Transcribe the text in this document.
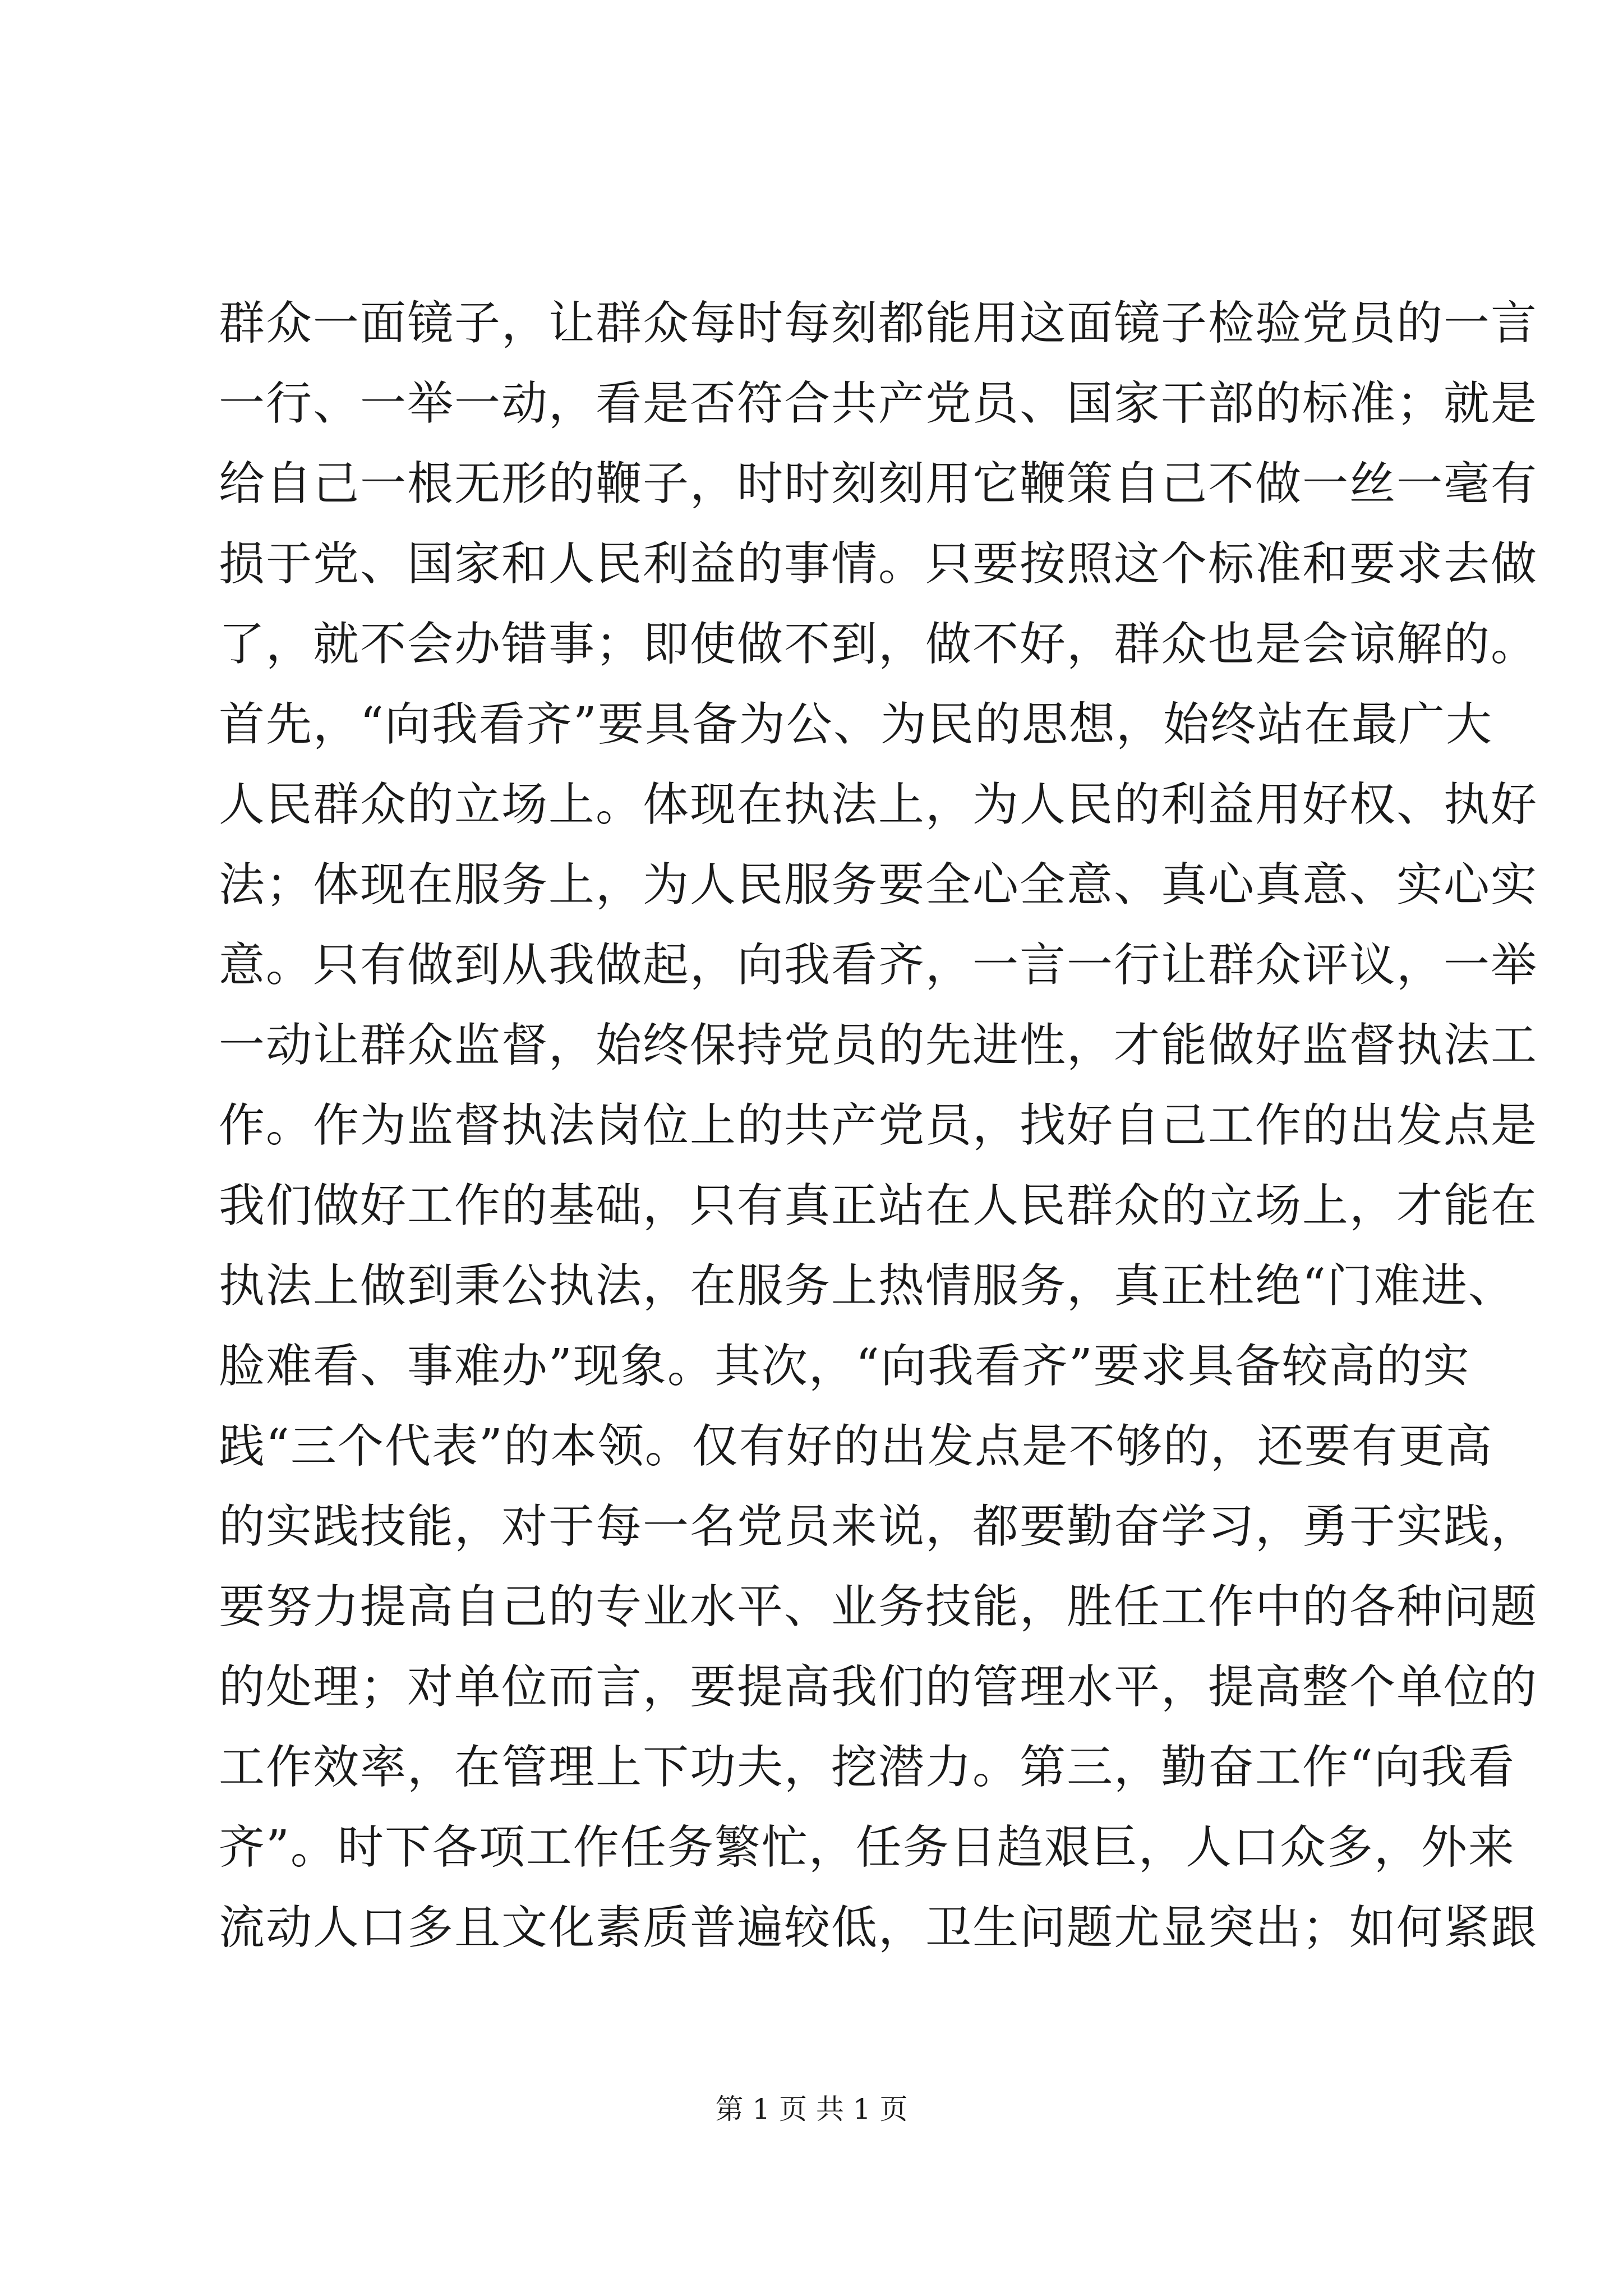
群众一面镜子，让群众每时每刻都能用这面镜子检验党员的一言
一行、一举一动，看是否符合共产党员、国家干部的标准；就是
给自己一根无形的鞭子，时时刻刻用它鞭策自己不做一丝一毫有
损于党、国家和人民利益的事情。只要按照这个标准和要求去做
了，就不会办错事；即使做不到，做不好，群众也是会谅解的。
首先，“向我看齐”要具备为公、为民的思想，始终站在最广大
人民群众的立场上。体现在执法上，为人民的利益用好权、执好
法；体现在服务上，为人民服务要全心全意、真心真意、实心实
意。只有做到从我做起，向我看齐，一言一行让群众评议，一举
一动让群众监督，始终保持党员的先进性，才能做好监督执法工
作。作为监督执法岗位上的共产党员，找好自己工作的出发点是
我们做好工作的基础，只有真正站在人民群众的立场上，才能在
执法上做到秉公执法，在服务上热情服务，真正杜绝“门难进、
脸难看、事难办”现象。其次，“向我看齐”要求具备较高的实
践“三个代表”的本领。仅有好的出发点是不够的，还要有更高
的实践技能，对于每一名党员来说，都要勤奋学习，勇于实践，
要努力提高自己的专业水平、业务技能，胜任工作中的各种问题
的处理；对单位而言，要提高我们的管理水平，提高整个单位的
工作效率，在管理上下功夫，挖潜力。第三，勤奋工作“向我看
齐”。时下各项工作任务繁忙，任务日趋艰巨，人口众多，外来
流动人口多且文化素质普遍较低，卫生问题尤显突出；如何紧跟
第 1 页 共 1 页
